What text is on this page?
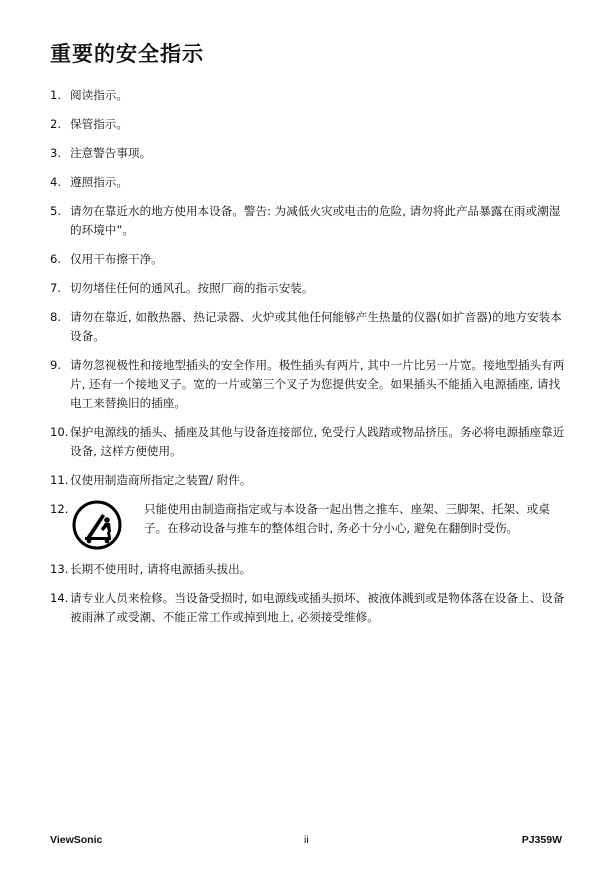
重要的安全指示
1. 阅读指示。
2. 保管指示。
3. 注意警告事项。
4. 遵照指示。
5. 请勿在靠近水的地方使用本设备。警告: 为减低火灾或电击的危险, 请勿将此产品暴露在雨或潮湿的环境中”。
6. 仅用干布擦干净。
7. 切勿堵住任何的通风孔。按照厂商的指示安装。
8. 请勿在靠近, 如散热器、热记录器、火炉或其他任何能够产生热量的仪器(如扩音器)的地方安装本设备。
9. 请勿忽视极性和接地型插头的安全作用。极性插头有两片, 其中一片比另一片宽。接地型插头有两片, 还有一个接地叉子。宽的一片或第三个叉子为您提供安全。如果插头不能插入电源插座, 请找电工来替换旧的插座。
10. 保护电源线的插头、插座及其他与设备连接部位, 免受行人践踏或物品挤压。务必将电源插座靠近设备, 这样方便使用。
11. 仅使用制造商所指定之装置/ 附件。
12.	只能使用由制造商指定或与本设备一起出售之推车、座架、三脚架、托架、或桌子。在移动设备与推车的整体组合时, 务必十分小心, 避免在翻倒时受伤。
13. 长期不使用时, 请将电源插头拔出。
14. 请专业人员来检修。当设备受损时, 如电源线或插头损坏、被液体溅到或是物体落在设备上、设备被雨淋了或受潮、不能正常工作或掉到地上, 必须接受维修。
ViewSonic	ii	PJ359W
